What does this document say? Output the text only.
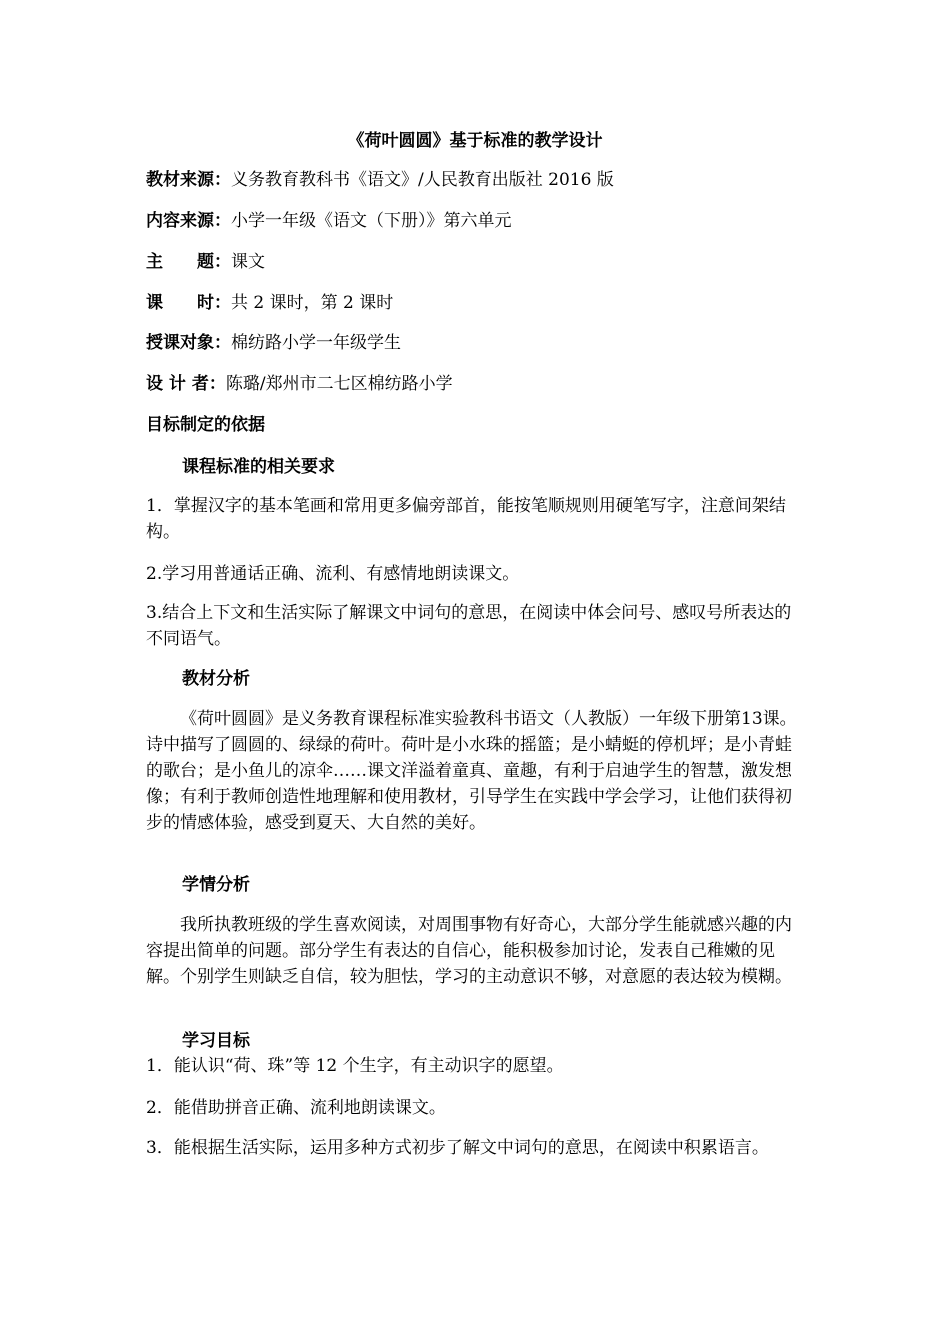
《荷叶圆圆》基于标准的教学设计
教材来源：义务教育教科书《语文》/人民教育出版社 2016 版
内容来源：小学一年级《语文（下册）》第六单元
主　　题：课文
课　　时：共 2 课时，第 2 课时
授课对象：棉纺路小学一年级学生
设 计 者：陈璐/郑州市二七区棉纺路小学
目标制定的依据
课程标准的相关要求
1．掌握汉字的基本笔画和常用更多偏旁部首，能按笔顺规则用硬笔写字，注意间架结构。
2.学习用普通话正确、流利、有感情地朗读课文。
3.结合上下文和生活实际了解课文中词句的意思，在阅读中体会问号、感叹号所表达的不同语气。
教材分析
《荷叶圆圆》是义务教育课程标准实验教科书语文（人教版）一年级下册第13课。诗中描写了圆圆的、绿绿的荷叶。荷叶是小水珠的摇篮；是小蜻蜓的停机坪；是小青蛙的歌台；是小鱼儿的凉伞……课文洋溢着童真、童趣，有利于启迪学生的智慧，激发想像；有利于教师创造性地理解和使用教材，引导学生在实践中学会学习，让他们获得初步的情感体验，感受到夏天、大自然的美好。
学情分析
我所执教班级的学生喜欢阅读，对周围事物有好奇心，大部分学生能就感兴趣的内容提出简单的问题。部分学生有表达的自信心，能积极参加讨论，发表自己稚嫩的见解。个别学生则缺乏自信，较为胆怯，学习的主动意识不够，对意愿的表达较为模糊。
学习目标
1．能认识“荷、珠”等 12 个生字，有主动识字的愿望。
2．能借助拼音正确、流利地朗读课文。
3．能根据生活实际，运用多种方式初步了解文中词句的意思，在阅读中积累语言。
